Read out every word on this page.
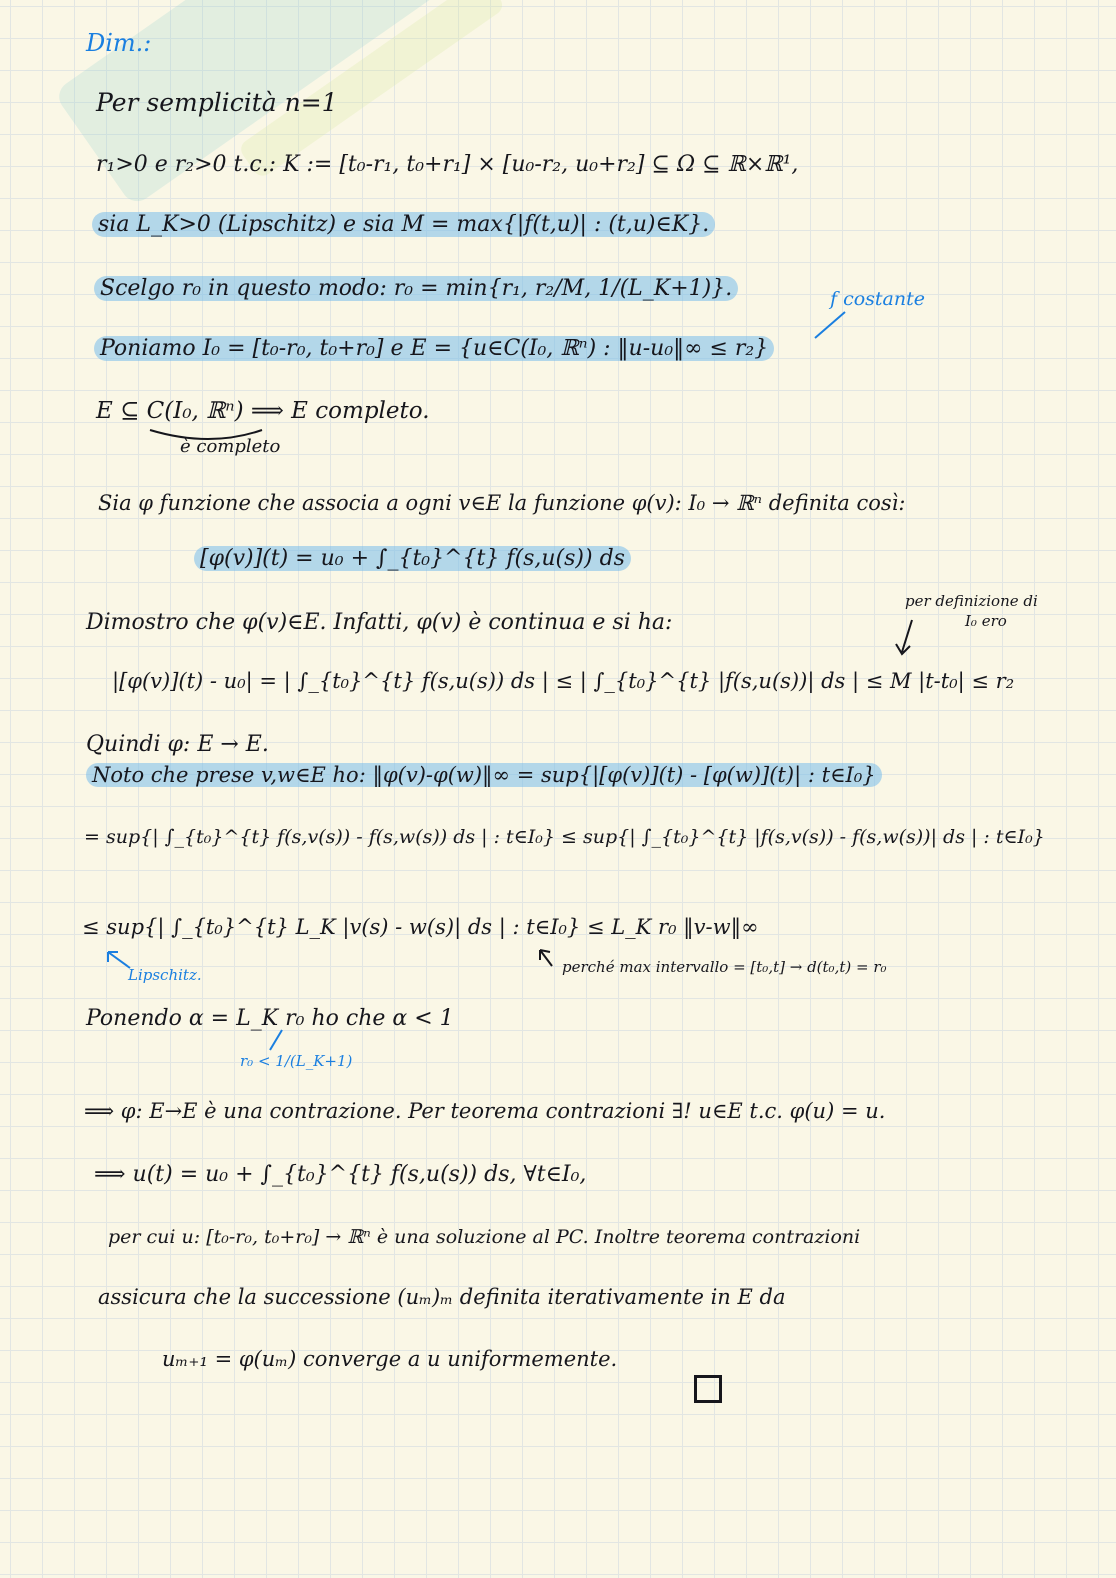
Dim.:
Per semplicità n=1
r₁>0 e r₂>0 t.c.: K := [t₀-r₁, t₀+r₁] × [u₀-r₂, u₀+r₂] ⊆ Ω ⊆ ℝ×ℝ¹,
sia L_K>0 (Lipschitz) e sia M = max{|f(t,u)| : (t,u)∈K}.
Scelgo r₀ in questo modo: r₀ = min{r₁, r₂/M, 1/(L_K+1)}.	f costante
Poniamo I₀ = [t₀-r₀, t₀+r₀] e E = {u∈C(I₀, ℝⁿ) : ‖u-u₀‖∞ ≤ r₂}
E ⊆ C(I₀, ℝⁿ) ⟹ E completo.
è completo
Sia φ funzione che associa a ogni v∈E la funzione φ(v): I₀ → ℝⁿ definita così:
[φ(v)](t) = u₀ + ∫_{t₀}^{t} f(s,u(s)) ds
per definizione di
I₀ ero
Dimostro che φ(v)∈E. Infatti, φ(v) è continua e si ha:
|[φ(v)](t) - u₀| = | ∫_{t₀}^{t} f(s,u(s)) ds | ≤ | ∫_{t₀}^{t} |f(s,u(s))| ds | ≤ M |t-t₀| ≤ r₂
Quindi φ: E → E.
Noto che prese v,w∈E ho: ‖φ(v)-φ(w)‖∞ = sup{|[φ(v)](t) - [φ(w)](t)| : t∈I₀}
= sup{| ∫_{t₀}^{t} f(s,v(s)) - f(s,w(s)) ds | : t∈I₀} ≤ sup{| ∫_{t₀}^{t} |f(s,v(s)) - f(s,w(s))| ds | : t∈I₀}
≤ sup{| ∫_{t₀}^{t} L_K |v(s) - w(s)| ds | : t∈I₀} ≤ L_K r₀ ‖v-w‖∞
Lipschitz.	perché max intervallo = [t₀,t] → d(t₀,t) = r₀
Ponendo α = L_K r₀ ho che α < 1
r₀ < 1/(L_K+1)
⟹ φ: E→E è una contrazione. Per teorema contrazioni ∃! u∈E t.c. φ(u) = u.
⟹ u(t) = u₀ + ∫_{t₀}^{t} f(s,u(s)) ds, ∀t∈I₀,
per cui u: [t₀-r₀, t₀+r₀] → ℝⁿ è una soluzione al PC. Inoltre teorema contrazioni
assicura che la successione (uₘ)ₘ definita iterativamente in E da
uₘ₊₁ = φ(uₘ) converge a u uniformemente.
